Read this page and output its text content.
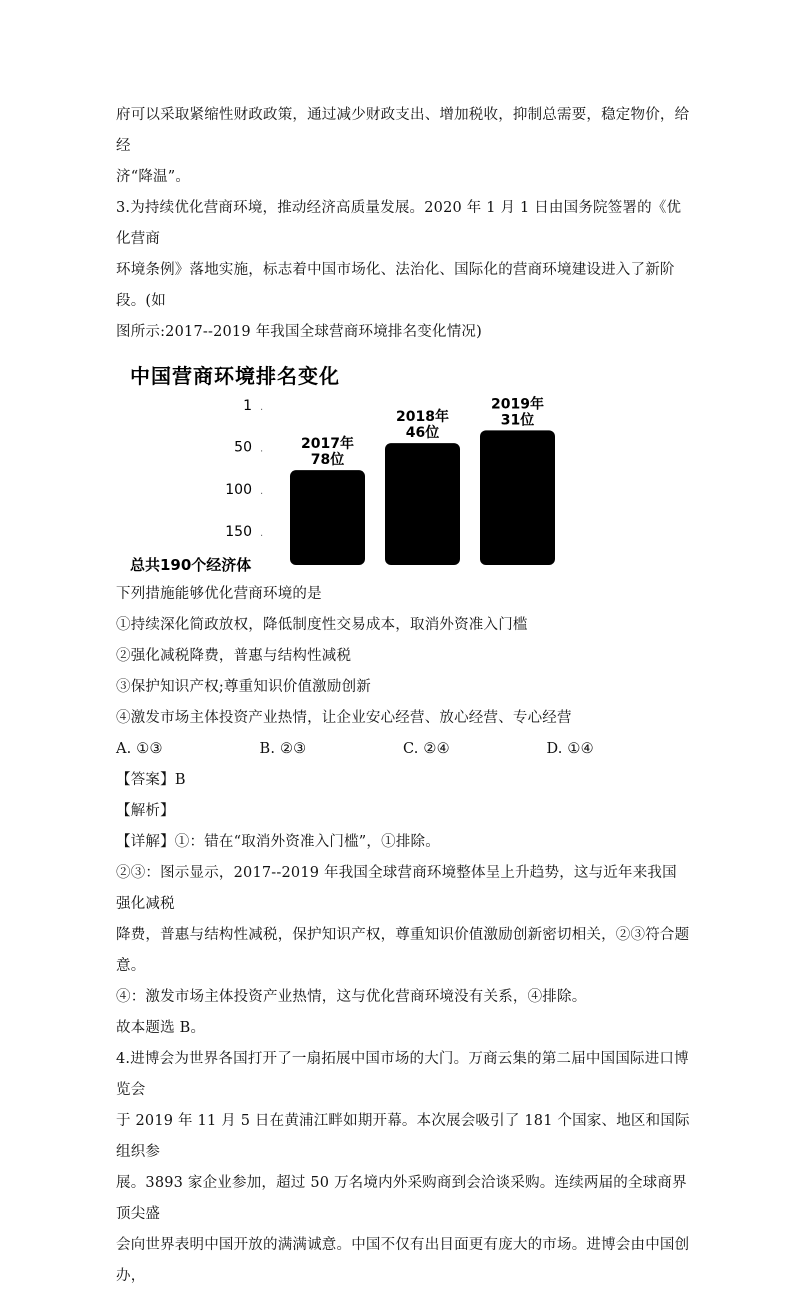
府可以采取紧缩性财政政策，通过减少财政支出、增加税收，抑制总需要，稳定物价，给经

济“降温”。

3.为持续优化营商环境，推动经济高质量发展。2020 年 1 月 1 日由国务院签署的《优化营商

环境条例》落地实施，标志着中国市场化、法治化、国际化的营商环境建设进入了新阶段。(如

图所示:2017--2019 年我国全球营商环境排名变化情况)

中国营商环境排名变化
1 .
50 .
100 .
150 .
2017年
78位
2018年
46位
2019年
31位
总共190个经济体

下列措施能够优化营商环境的是

①持续深化简政放权，降低制度性交易成本，取消外资准入门槛

②强化减税降费，普惠与结构性减税

③保护知识产权;尊重知识价值激励创新

④激发市场主体投资产业热情，让企业安心经营、放心经营、专心经营

A. ①③	B. ②③	C. ②④	D. ①④

【答案】B

【解析】

【详解】①：错在“取消外资准入门槛”，①排除。

②③：图示显示，2017--2019 年我国全球营商环境整体呈上升趋势，这与近年来我国强化减税

降费，普惠与结构性减税，保护知识产权，尊重知识价值激励创新密切相关，②③符合题意。

④：激发市场主体投资产业热情，这与优化营商环境没有关系，④排除。

故本题选 B。

4.进博会为世界各国打开了一扇拓展中国市场的大门。万商云集的第二届中国国际进口博览会

于 2019 年 11 月 5 日在黄浦江畔如期开幕。本次展会吸引了 181 个国家、地区和国际组织参

展。3893 家企业参加，超过 50 万名境内外采购商到会洽谈采购。连续两届的全球商界顶尖盛

会向世界表明中国开放的满满诚意。中国不仅有出目面更有庞大的市场。进博会由中国创办，
